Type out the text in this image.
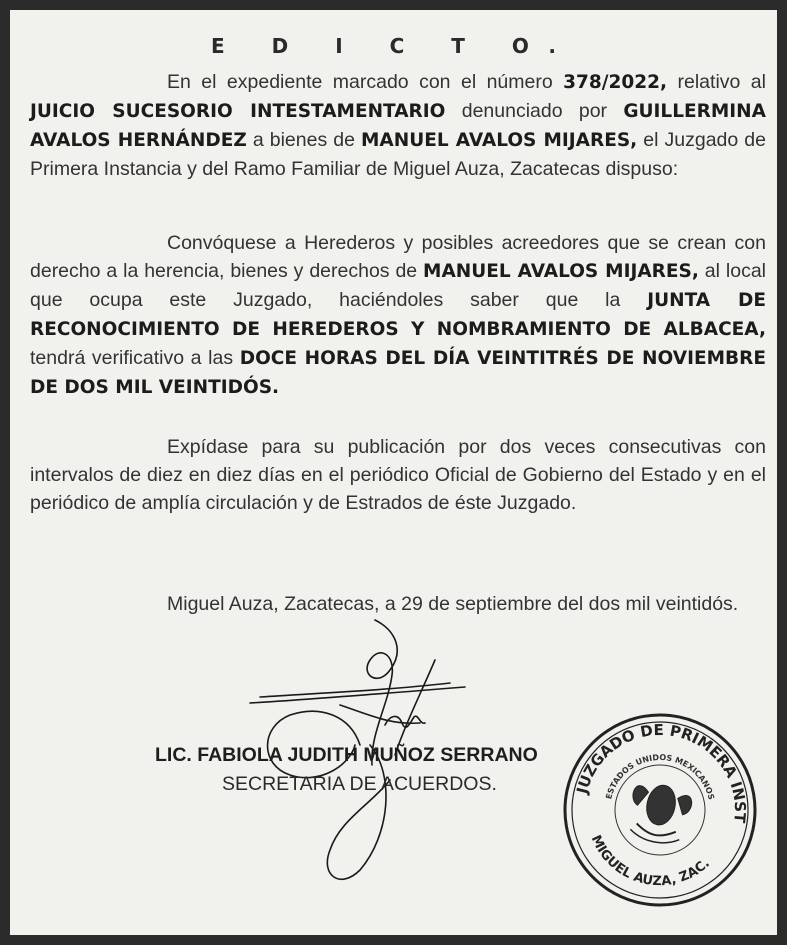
E D I C T O.

En el expediente marcado con el número 378/2022, relativo al JUICIO SUCESORIO INTESTAMENTARIO denunciado por GUILLERMINA AVALOS HERNÁNDEZ a bienes de MANUEL AVALOS MIJARES, el Juzgado de Primera Instancia y del Ramo Familiar de Miguel Auza, Zacatecas dispuso:

Convóquese a Herederos y posibles acreedores que se crean con derecho a la herencia, bienes y derechos de MANUEL AVALOS MIJARES, al local que ocupa este Juzgado, haciéndoles saber que la JUNTA DE RECONOCIMIENTO DE HEREDEROS Y NOMBRAMIENTO DE ALBACEA, tendrá verificativo a las DOCE HORAS DEL DÍA VEINTITRÉS DE NOVIEMBRE DE DOS MIL VEINTIDÓS.

Expídase para su publicación por dos veces consecutivas con intervalos de diez en diez días en el periódico Oficial de Gobierno del Estado y en el periódico de amplía circulación y de Estrados de éste Juzgado.

Miguel Auza, Zacatecas, a 29 de septiembre del dos mil veintidós.

LIC. FABIOLA JUDITH MUÑOZ SERRANO
SECRETARIA DE ACUERDOS.	JUZGADO DE PRIMERA INSTANCIA
ESTADOS UNIDOS MEXICANOS
MIGUEL AUZA, ZAC.
